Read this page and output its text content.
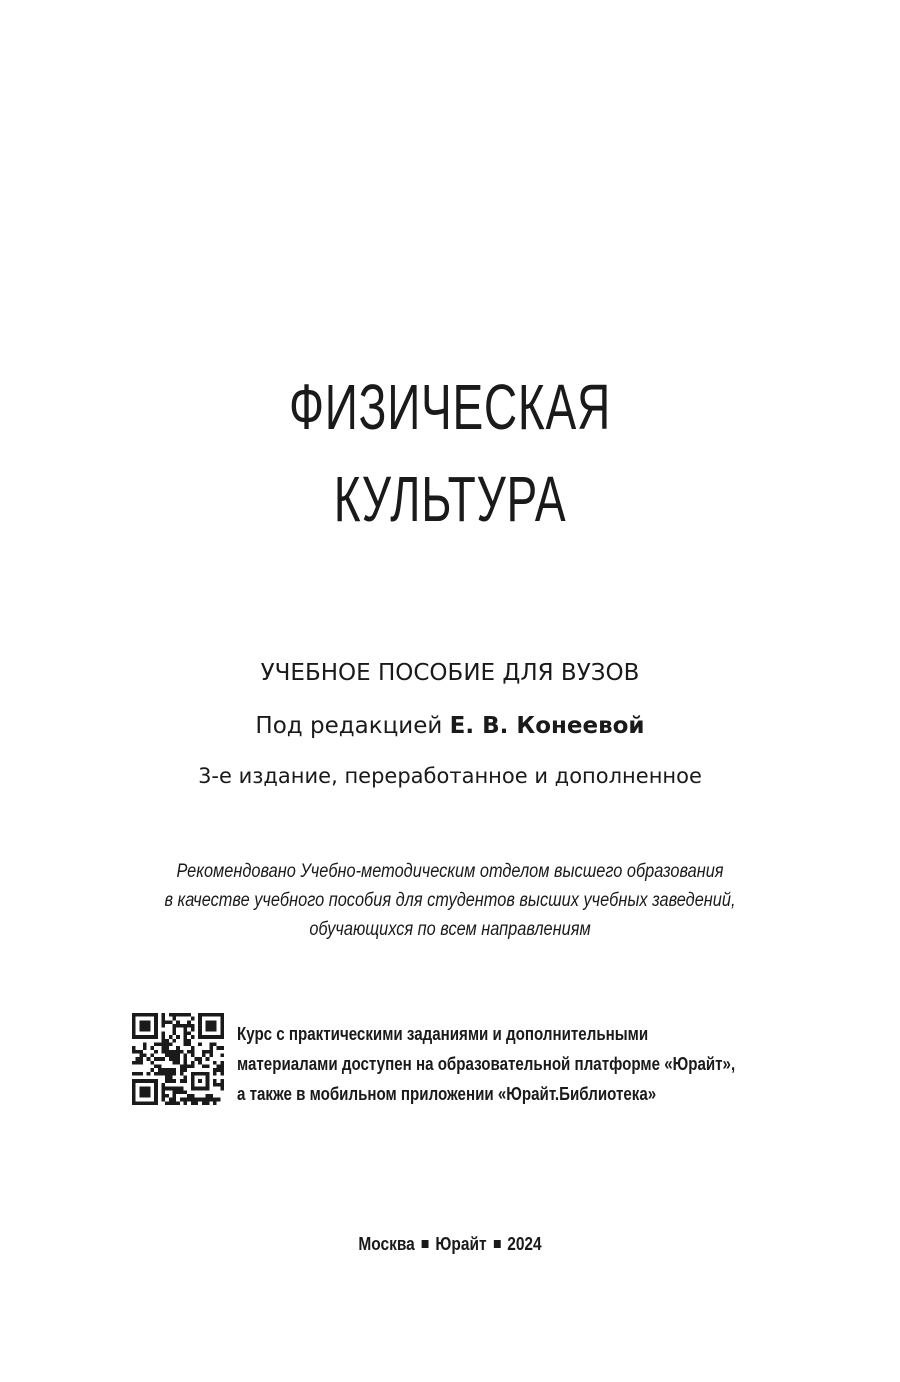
ФИЗИЧЕСКАЯ
КУЛЬТУРА
УЧЕБНОЕ ПОСОБИЕ ДЛЯ ВУЗОВ
Под редакцией Е. В. Конеевой
3-е издание, переработанное и дополненное
Рекомендовано Учебно-методическим отделом высшего образования
в качестве учебного пособия для студентов высших учебных заведений,
обучающихся по всем направлениям
Курс с практическими заданиями и дополнительными
материалами доступен на образовательной платформе «Юрайт»,
а также в мобильном приложении «Юрайт.Библиотека»
Москва Юрайт 2024
